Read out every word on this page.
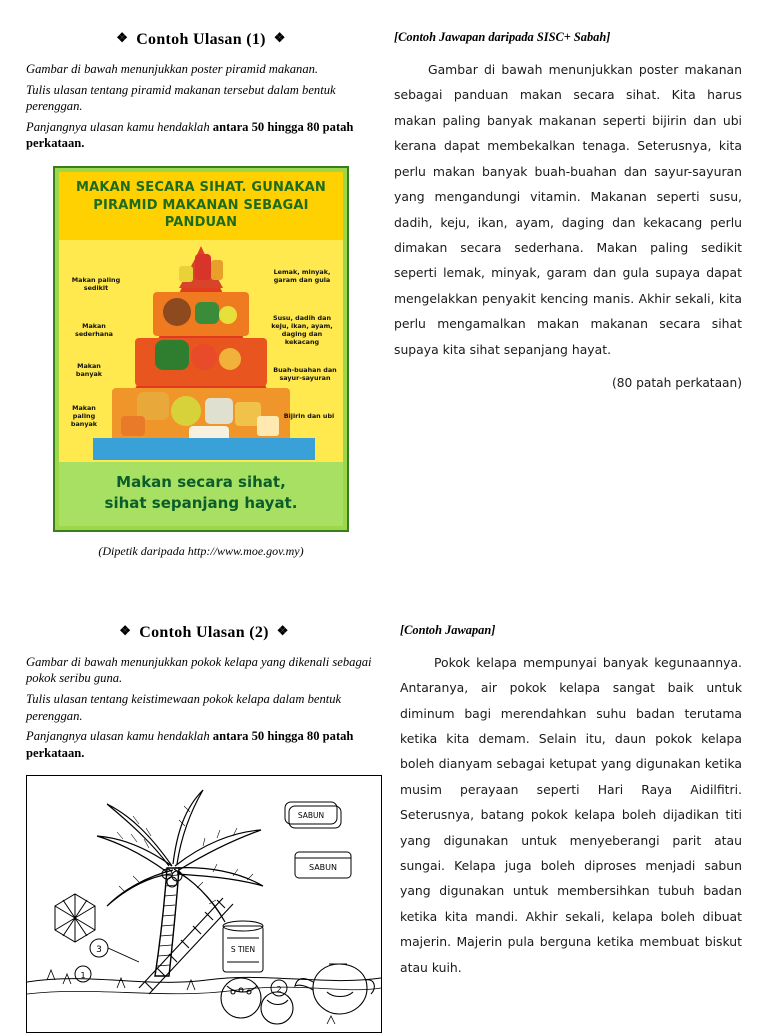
❖ Contoh Ulasan (1) ❖

Gambar di bawah menunjukkan poster piramid makanan.

Tulis ulasan tentang piramid makanan tersebut dalam bentuk perenggan.

Panjangnya ulasan kamu hendaklah antara 50 hingga 80 patah perkataan.

MAKAN SECARA SIHAT. GUNAKAN
PIRAMID MAKANAN SEBAGAI PANDUAN
Makan paling sedikit
Makan sederhana
Makan banyak
Makan paling banyak
Lemak, minyak, garam dan gula
Susu, dadih dan keju, ikan, ayam, daging dan kekacang
Buah-buahan dan sayur-sayuran
Bijirin dan ubi
Makan secara sihat,
sihat sepanjang hayat.
(Dipetik daripada http://www.moe.gov.my)
[Contoh Jawapan daripada SISC+ Sabah]

Gambar di bawah menunjukkan poster makanan sebagai panduan makan secara sihat. Kita harus makan paling banyak makanan seperti bijirin dan ubi kerana dapat membekalkan tenaga. Seterusnya, kita perlu makan banyak buah-buahan dan sayur-sayuran yang mengandungi vitamin. Makanan seperti susu, dadih, keju, ikan, ayam, daging dan kekacang perlu dimakan secara sederhana. Makan paling sedikit seperti lemak, minyak, garam dan gula supaya dapat mengelakkan penyakit kencing manis. Akhir sekali, kita perlu mengamalkan makan makanan secara sihat supaya kita sihat sepanjang hayat.

(80 patah perkataan)
❖ Contoh Ulasan (2) ❖

Gambar di bawah menunjukkan pokok kelapa yang dikenali sebagai pokok seribu guna.

Tulis ulasan tentang keistimewaan pokok kelapa dalam bentuk perenggan.

Panjangnya ulasan kamu hendaklah antara 50 hingga 80 patah perkataan.

3
SABUN
SABUN
S TIEN
2
1
[Contoh Jawapan]

Pokok kelapa mempunyai banyak kegunaannya. Antaranya, air pokok kelapa sangat baik untuk diminum bagi merendahkan suhu badan terutama ketika kita demam. Selain itu, daun pokok kelapa boleh dianyam sebagai ketupat yang digunakan ketika musim perayaan seperti Hari Raya Aidilfitri. Seterusnya, batang pokok kelapa boleh dijadikan titi yang digunakan untuk menyeberangi parit atau sungai. Kelapa juga boleh diproses menjadi sabun yang digunakan untuk membersihkan tubuh badan ketika kita mandi. Akhir sekali, kelapa boleh dibuat majerin. Majerin pula berguna ketika membuat biskut atau kuih.
